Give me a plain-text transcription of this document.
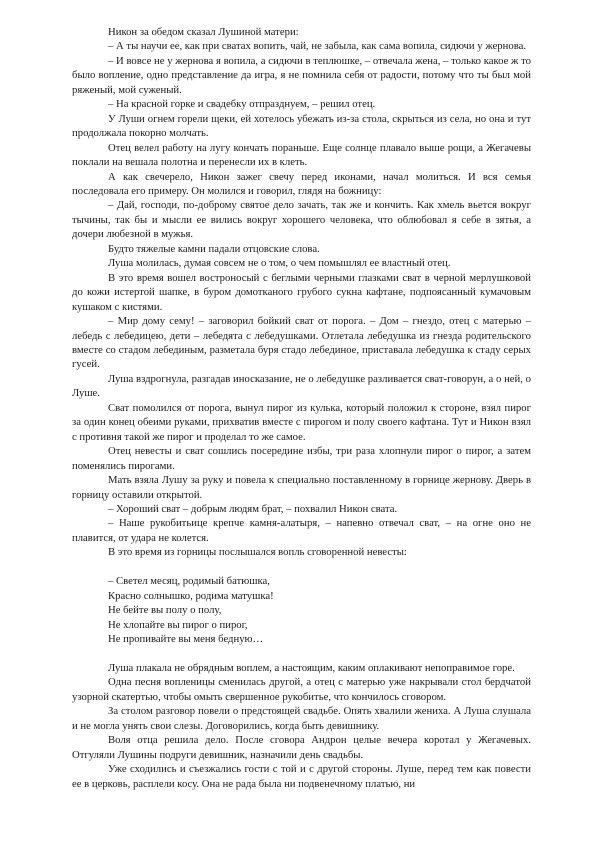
Никон за обедом сказал Лушиной матери:

– А ты научи ее, как при сватах вопить, чай, не забыла, как сама вопила, сидючи у жернова.

– И вовсе не у жернова я вопила, а сидючи в теплюшке, – отвечала жена, – только какое ж то было вопление, одно представление да игра, я не помнила себя от радости, потому что ты был мой ряженый, мой суженый.

– На красной горке и свадебку отпразднуем, – решил отец.

У Луши огнем горели щеки, ей хотелось убежать из-за стола, скрыться из села, но она и тут продолжала покорно молчать.

Отец велел работу на лугу кончать пораньше. Еще солнце плавало выше рощи, а Жегачевы поклали на вешала полотна и перенесли их в клеть.

А как свечерело, Никон зажег свечу перед иконами, начал молиться. И вся семья последовала его примеру. Он молился и говорил, глядя на божницу:

– Дай, господи, по-доброму святое дело зачать, так же и кончить. Как хмель вьется вокруг тычины, так бы и мысли ее вились вокруг хорошего человека, что облюбовал я себе в зятья, а дочери любезной в мужья.

Будто тяжелые камни падали отцовские слова.

Луша молилась, думая совсем не о том, о чем помышлял ее властный отец.

В это время вошел востроносый с беглыми черными глазками сват в черной мерлушковой до кожи истертой шапке, в буром домотканого грубого сукна кафтане, подпоясанный кумачовым кушаком с кистями.

– Мир дому сему! – заговорил бойкий сват от порога. – Дом – гнездо, отец с матерью – лебедь с лебедицею, дети – лебедята с лебедушками. Отлетала лебедушка из гнезда родительского вместе со стадом лебединым, разметала буря стадо лебединое, приставала лебедушка к стаду серых гусей.

Луша вздрогнула, разгадав иносказание, не о лебедушке разливается сват-говорун, а о ней, о Луше.

Сват помолился от порога, вынул пирог из кулька, который положил к стороне, взял пирог за один конец обеими руками, прихватив вместе с пирогом и полу своего кафтана. Тут и Никон взял с противня такой же пирог и проделал то же самое.

Отец невесты и сват сошлись посередине избы, три раза хлопнули пирог о пирог, а затем поменялись пирогами.

Мать взяла Лушу за руку и повела к специально поставленному в горнице жернову. Дверь в горницу оставили открытой.

– Хороший сват – добрым людям брат, – похвалил Никон свата.

– Наше рукобитьице крепче камня-алатыря, – напевно отвечал сват, – на огне оно не плавится, от удара не колется.

В это время из горницы послышался вопль сговоренной невесты:

– Светел месяц, родимый батюшка,

Красно солнышко, родима матушка!

Не бейте вы полу о полу,

Не хлопайте вы пирог о пирог,

Не пропивайте вы меня бедную…

Луша плакала не обрядным воплем, а настоящим, каким оплакивают непоправимое горе.

Одна песня вопленицы сменилась другой, а отец с матерью уже накрывали стол бердчатой узорной скатертью, чтобы омыть свершенное рукобитье, что кончилось сговором.

За столом разговор повели о предстоящей свадьбе. Опять хвалили жениха. А Луша слушала и не могла унять свои слезы. Договорились, когда быть девишнику.

Воля отца решила дело. После сговора Андрон целые вечера коротал у Жегачевых. Отгуляли Лушины подруги девишник, назначили день свадьбы.

Уже сходились и съезжались гости с той и с другой стороны. Луше, перед тем как повести ее в церковь, расплели косу. Она не рада была ни подвенечному платью, ни
